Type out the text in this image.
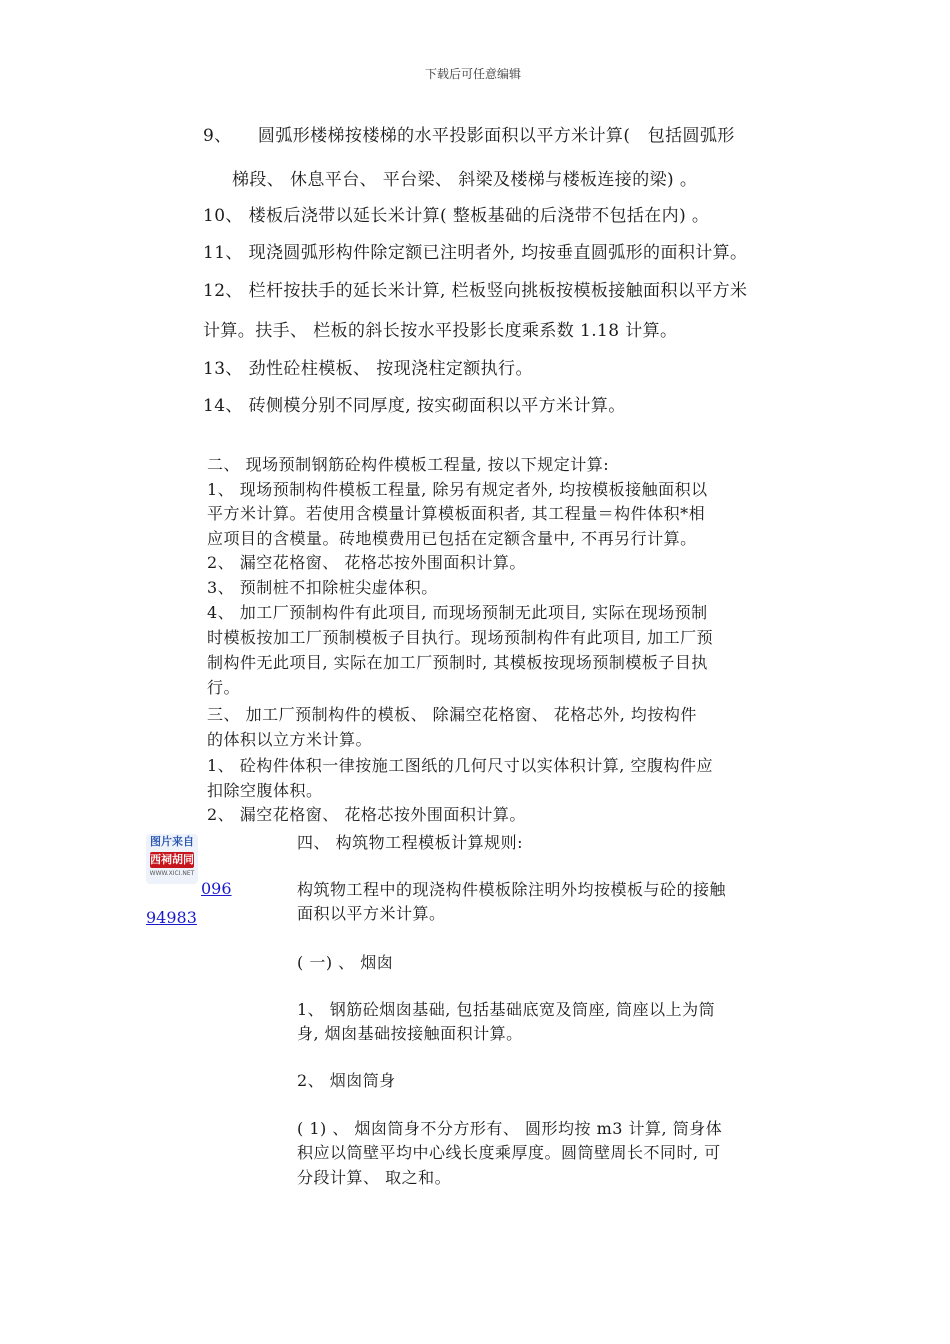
下载后可任意编辑
9、　　圆弧形楼梯按楼梯的水平投影面积以平方米计算(　包括圆弧形
梯段、 休息平台、 平台梁、 斜梁及楼梯与楼板连接的梁) 。
10、 楼板后浇带以延长米计算( 整板基础的后浇带不包括在内) 。
11、 现浇圆弧形构件除定额已注明者外, 均按垂直圆弧形的面积计算。
12、 栏杆按扶手的延长米计算, 栏板竖向挑板按模板接触面积以平方米
计算。扶手、 栏板的斜长按水平投影长度乘系数 1.18 计算。
13、 劲性砼柱模板、 按现浇柱定额执行。
14、 砖侧模分别不同厚度, 按实砌面积以平方米计算。
二、 现场预制钢筋砼构件模板工程量, 按以下规定计算:
1、 现场预制构件模板工程量, 除另有规定者外, 均按模板接触面积以
平方米计算。若使用含模量计算模板面积者, 其工程量＝构件体积*相
应项目的含模量。砖地模费用已包括在定额含量中, 不再另行计算。
2、 漏空花格窗、 花格芯按外围面积计算。
3、 预制桩不扣除桩尖虚体积。
4、 加工厂预制构件有此项目, 而现场预制无此项目, 实际在现场预制
时模板按加工厂预制模板子目执行。现场预制构件有此项目, 加工厂预
制构件无此项目, 实际在加工厂预制时, 其模板按现场预制模板子目执
行。
三、 加工厂预制构件的模板、 除漏空花格窗、 花格芯外, 均按构件
的体积以立方米计算。
1、 砼构件体积一律按施工图纸的几何尺寸以实体积计算, 空腹构件应
扣除空腹体积。
2、 漏空花格窗、 花格芯按外围面积计算。
图片来自
西祠胡同
WWW.XICI.NET
096
94983
四、 构筑物工程模板计算规则:
构筑物工程中的现浇构件模板除注明外均按模板与砼的接触
面积以平方米计算。
( 一) 、 烟囱
1、 钢筋砼烟囱基础, 包括基础底宽及筒座, 筒座以上为筒
身, 烟囱基础按接触面积计算。
2、 烟囱筒身
( 1) 、 烟囱筒身不分方形有、 圆形均按 m3 计算, 筒身体
积应以筒壁平均中心线长度乘厚度。圆筒壁周长不同时, 可
分段计算、 取之和。
